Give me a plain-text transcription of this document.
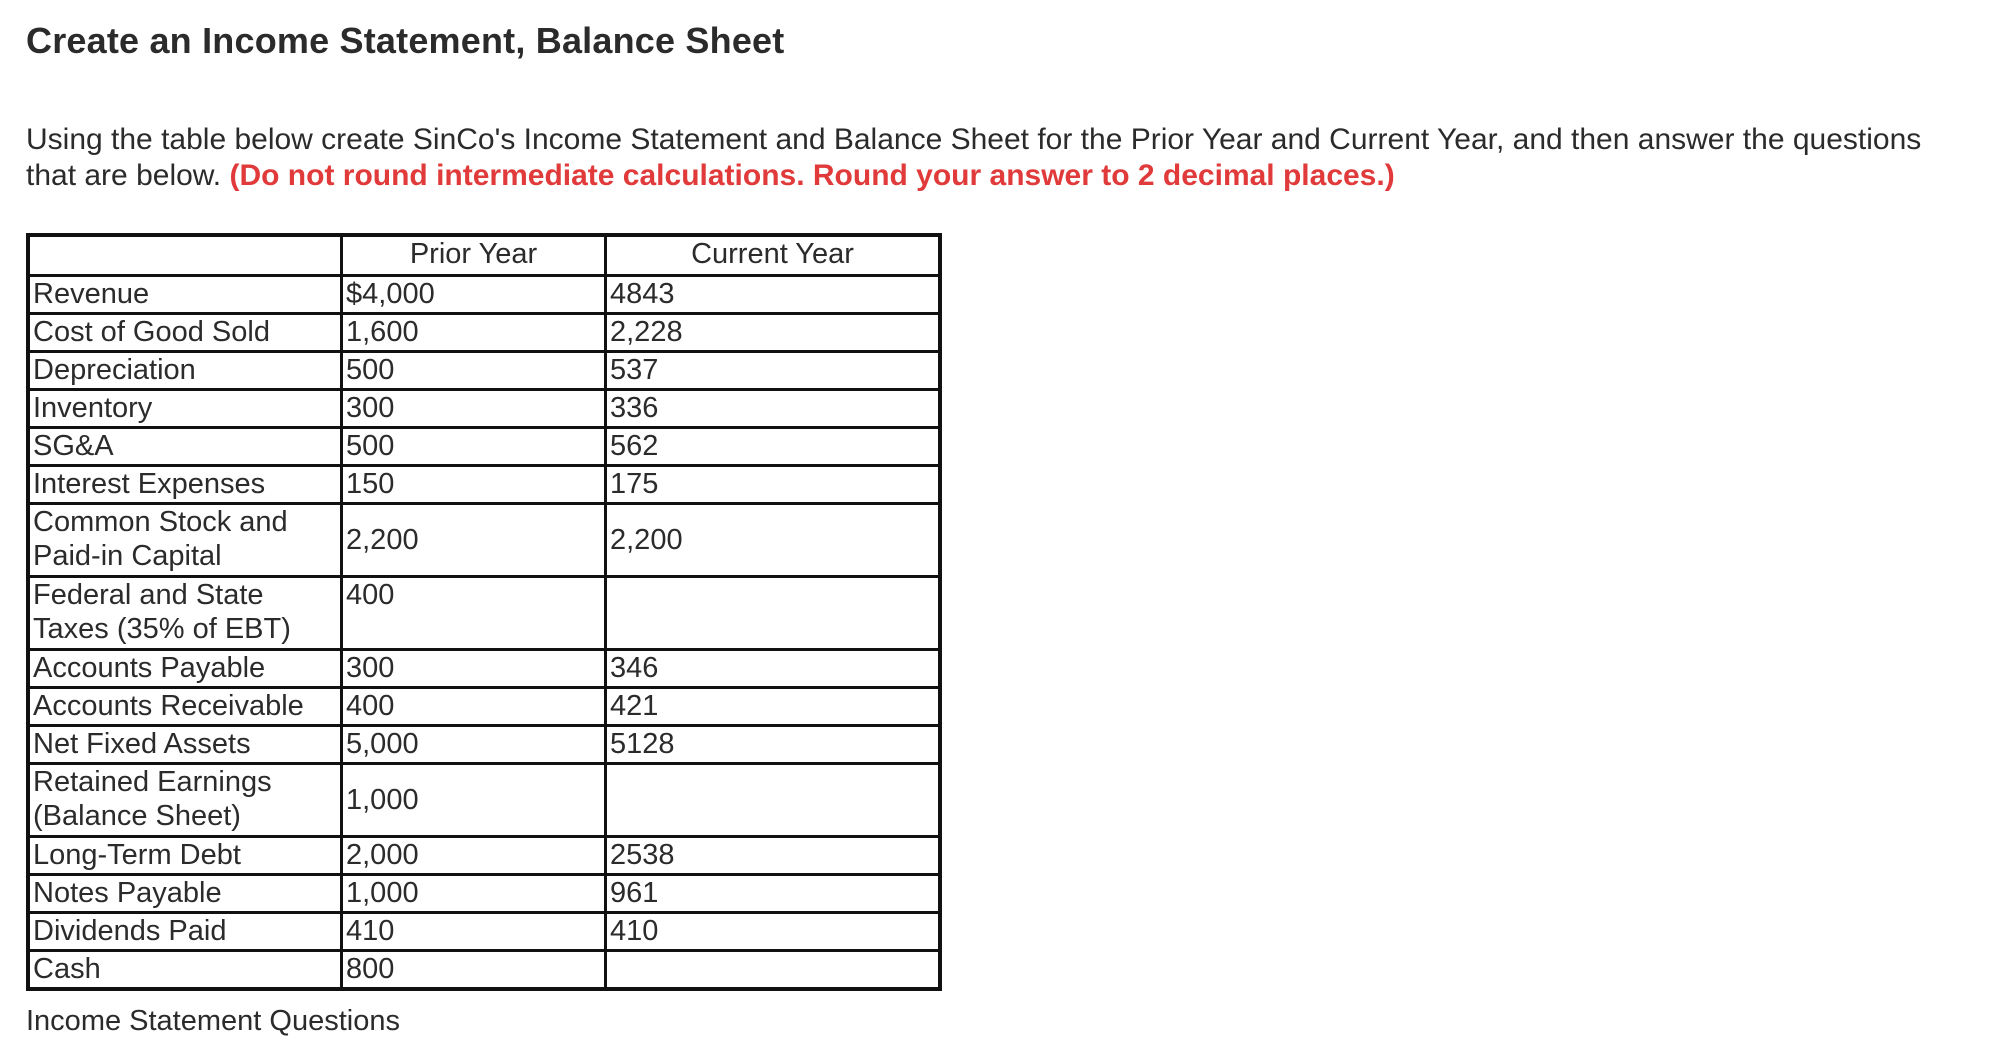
Create an Income Statement, Balance Sheet

Using the table below create SinCo's Income Statement and Balance Sheet for the Prior Year and Current Year, and then answer the questions that are below. (Do not round intermediate calculations. Round your answer to 2 decimal places.)

	Prior Year	Current Year
Revenue	$4,000	4843
Cost of Good Sold	1,600	2,228
Depreciation	500	537
Inventory	300	336
SG&A	500	562
Interest Expenses	150	175
Common Stock and Paid-in Capital	2,200	2,200
Federal and State Taxes (35% of EBT)	400	
Accounts Payable	300	346
Accounts Receivable	400	421
Net Fixed Assets	5,000	5128
Retained Earnings (Balance Sheet)	1,000	
Long-Term Debt	2,000	2538
Notes Payable	1,000	961
Dividends Paid	410	410
Cash	800	
Income Statement Questions
